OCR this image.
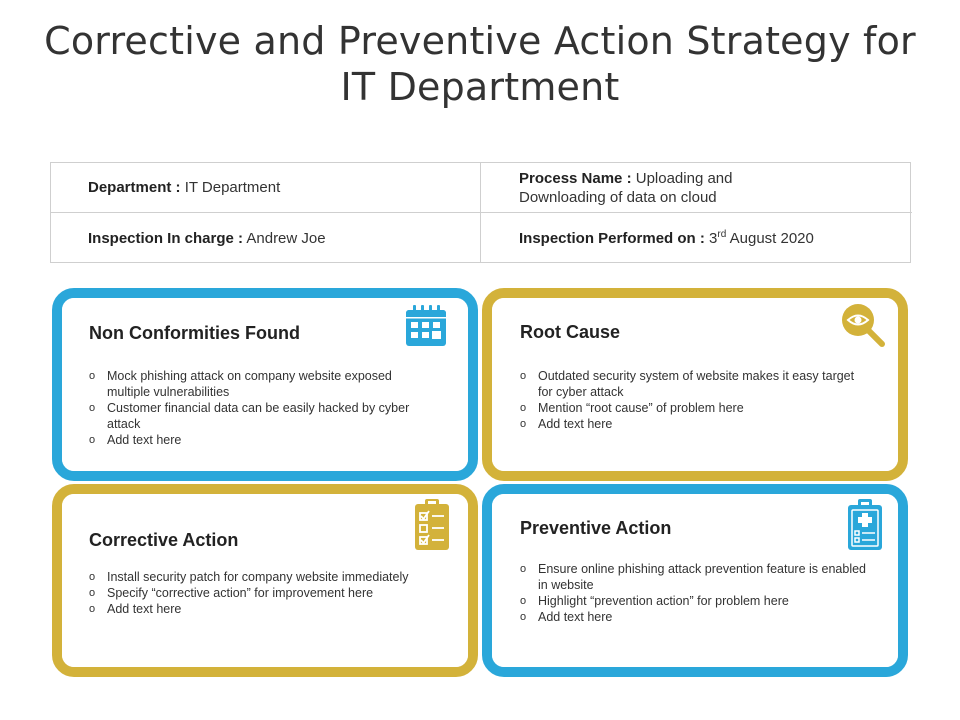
Corrective and Preventive Action Strategy for IT Department
Department : IT Department
Process Name : Uploading and Downloading of data on cloud
Inspection In charge : Andrew Joe	Inspection Performed on : 3rd August 2020
Non Conformities Found
o Mock phishing attack on company website exposed multiple vulnerabilities
o Customer financial data can be easily hacked by cyber attack
o Add text here
Root Cause
o Outdated security system of website makes it easy target for cyber attack
o Mention “root cause” of problem here
o Add text here
Corrective Action
o Install security patch for company website immediately
o Specify “corrective action” for improvement here
o Add text here
Preventive Action
o Ensure online phishing attack prevention feature is enabled in website
o Highlight “prevention action” for problem here
o Add text here
